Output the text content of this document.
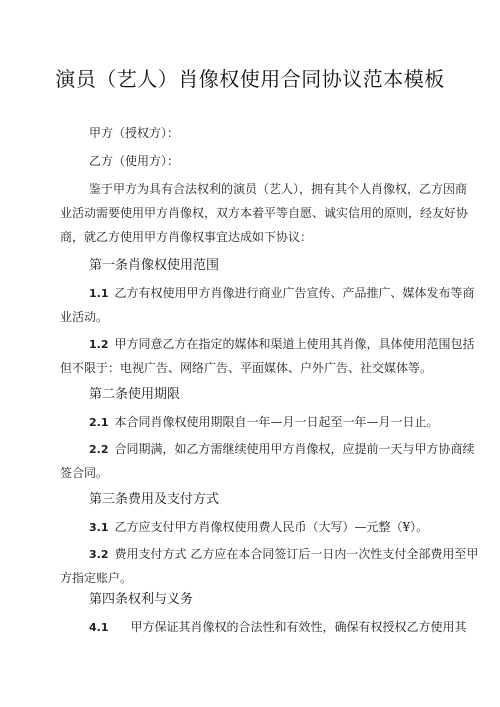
演员（艺人）肖像权使用合同协议范本模板
甲方（授权方）：
乙方（使用方）：
鉴于甲方为具有合法权利的演员（艺人），拥有其个人肖像权，乙方因商
业活动需要使用甲方肖像权，双方本着平等自愿、诚实信用的原则，经友好协
商，就乙方使用甲方肖像权事宜达成如下协议：
第一条肖像权使用范围
1.1 乙方有权使用甲方肖像进行商业广告宣传、产品推广、媒体发布等商
业活动。
1.2 甲方同意乙方在指定的媒体和渠道上使用其肖像，具体使用范围包括
但不限于：电视广告、网络广告、平面媒体、户外广告、社交媒体等。
第二条使用期限
2.1 本合同肖像权使用期限自一年—月一日起至一年—月一日止。
2.2 合同期满，如乙方需继续使用甲方肖像权，应提前一天与甲方协商续
签合同。
第三条费用及支付方式
3.1 乙方应支付甲方肖像权使用费人民币（大写）—元整（¥）。
3.2 费用支付方式 乙方应在本合同签订后一日内一次性支付全部费用至甲
方指定账户。
第四条权利与义务
4.1 甲方保证其肖像权的合法性和有效性，确保有权授权乙方使用其
